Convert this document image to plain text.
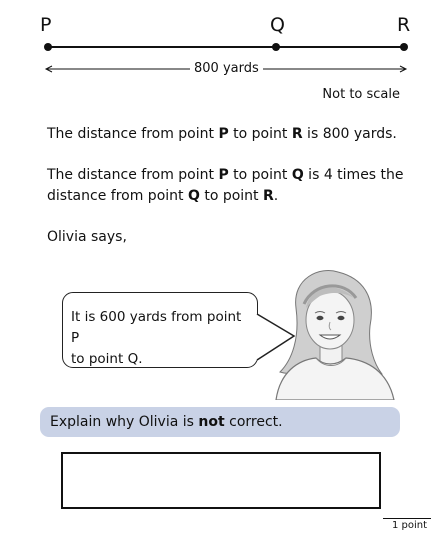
P	Q	R
800 yards
Not to scale
The distance from point P to point R is 800 yards.
The distance from point P to point Q is 4 times the
distance from point Q to point R.
Olivia says,
It is 600 yards from point P
to point Q.
Explain why Olivia is not correct.
1 point
